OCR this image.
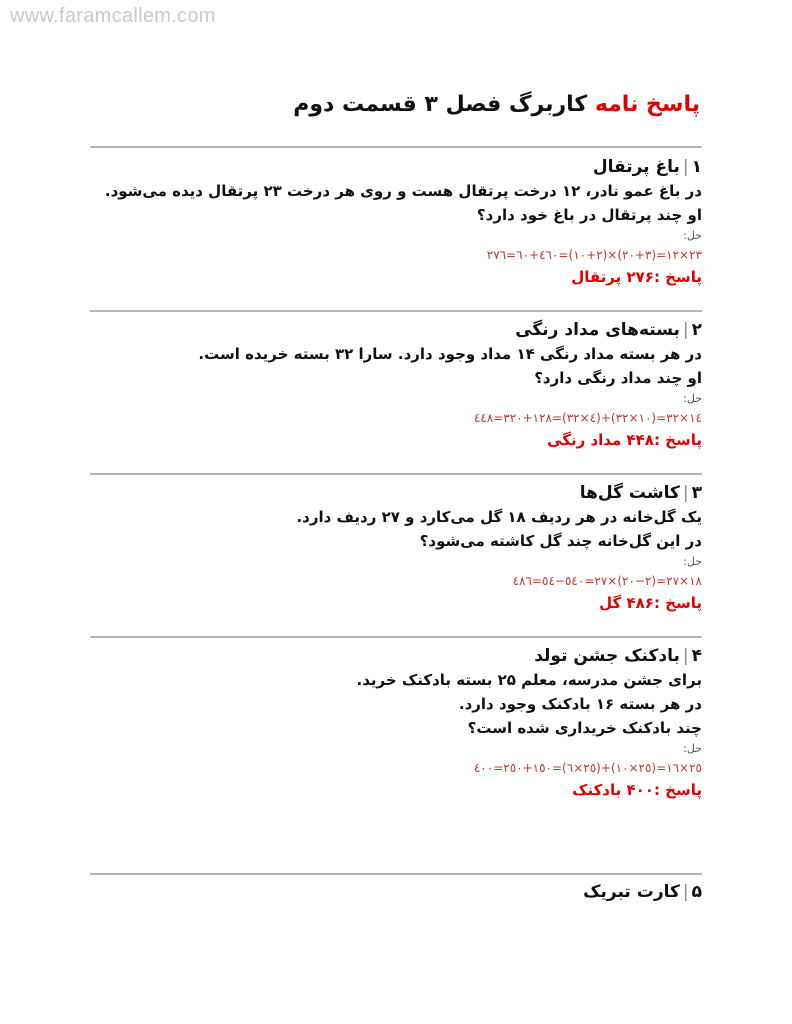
www.faramcallem.com
پاسخ نامه کاربرگ فصل ۳ قسمت دوم
۱|باغ پرتقال
در باغ عمو نادر، ۱۲ درخت پرتقال هست و روی هر درخت ۲۳ پرتقال دیده می‌شود.
او چند پرتقال در باغ خود دارد؟
حل:
۲۳×۱۲=(۲۰+۳)×(۱۰+۲)=٤٦۰+٦۰=۲۷٦
پاسخ :۲۷۶ پرتقال
۲|بسته‌های مداد رنگی
در هر بسته مداد رنگی ۱۴ مداد وجود دارد. سارا ۳۲ بسته خریده است.
او چند مداد رنگی دارد؟
حل:
۱٤×۳۲=(۱۰×۳۲)+(٤×۳۲)=۳۲۰+۱۲۸=٤٤۸
پاسخ :۴۴۸ مداد رنگی
۳|کاشت گل‌ها
یک گل‌خانه در هر ردیف ۱۸ گل می‌کارد و ۲۷ ردیف دارد.
در این گل‌خانه چند گل کاشته می‌شود؟
حل:
۱۸×۲۷=(۲۰−۲)×۲۷=٥٤۰−٥٤=٤۸٦
پاسخ :۴۸۶ گل
۴|بادکنک جشن تولد
برای جشن مدرسه، معلم ۲۵ بسته بادکنک خرید.
در هر بسته ۱۶ بادکنک وجود دارد.
چند بادکنک خریداری شده است؟
حل:
۲٥×۱٦=(۲٥×۱۰)+(۲٥×٦)=۲٥۰+۱٥۰=٤۰۰
پاسخ :۴۰۰ بادکنک
۵|کارت تبریک
